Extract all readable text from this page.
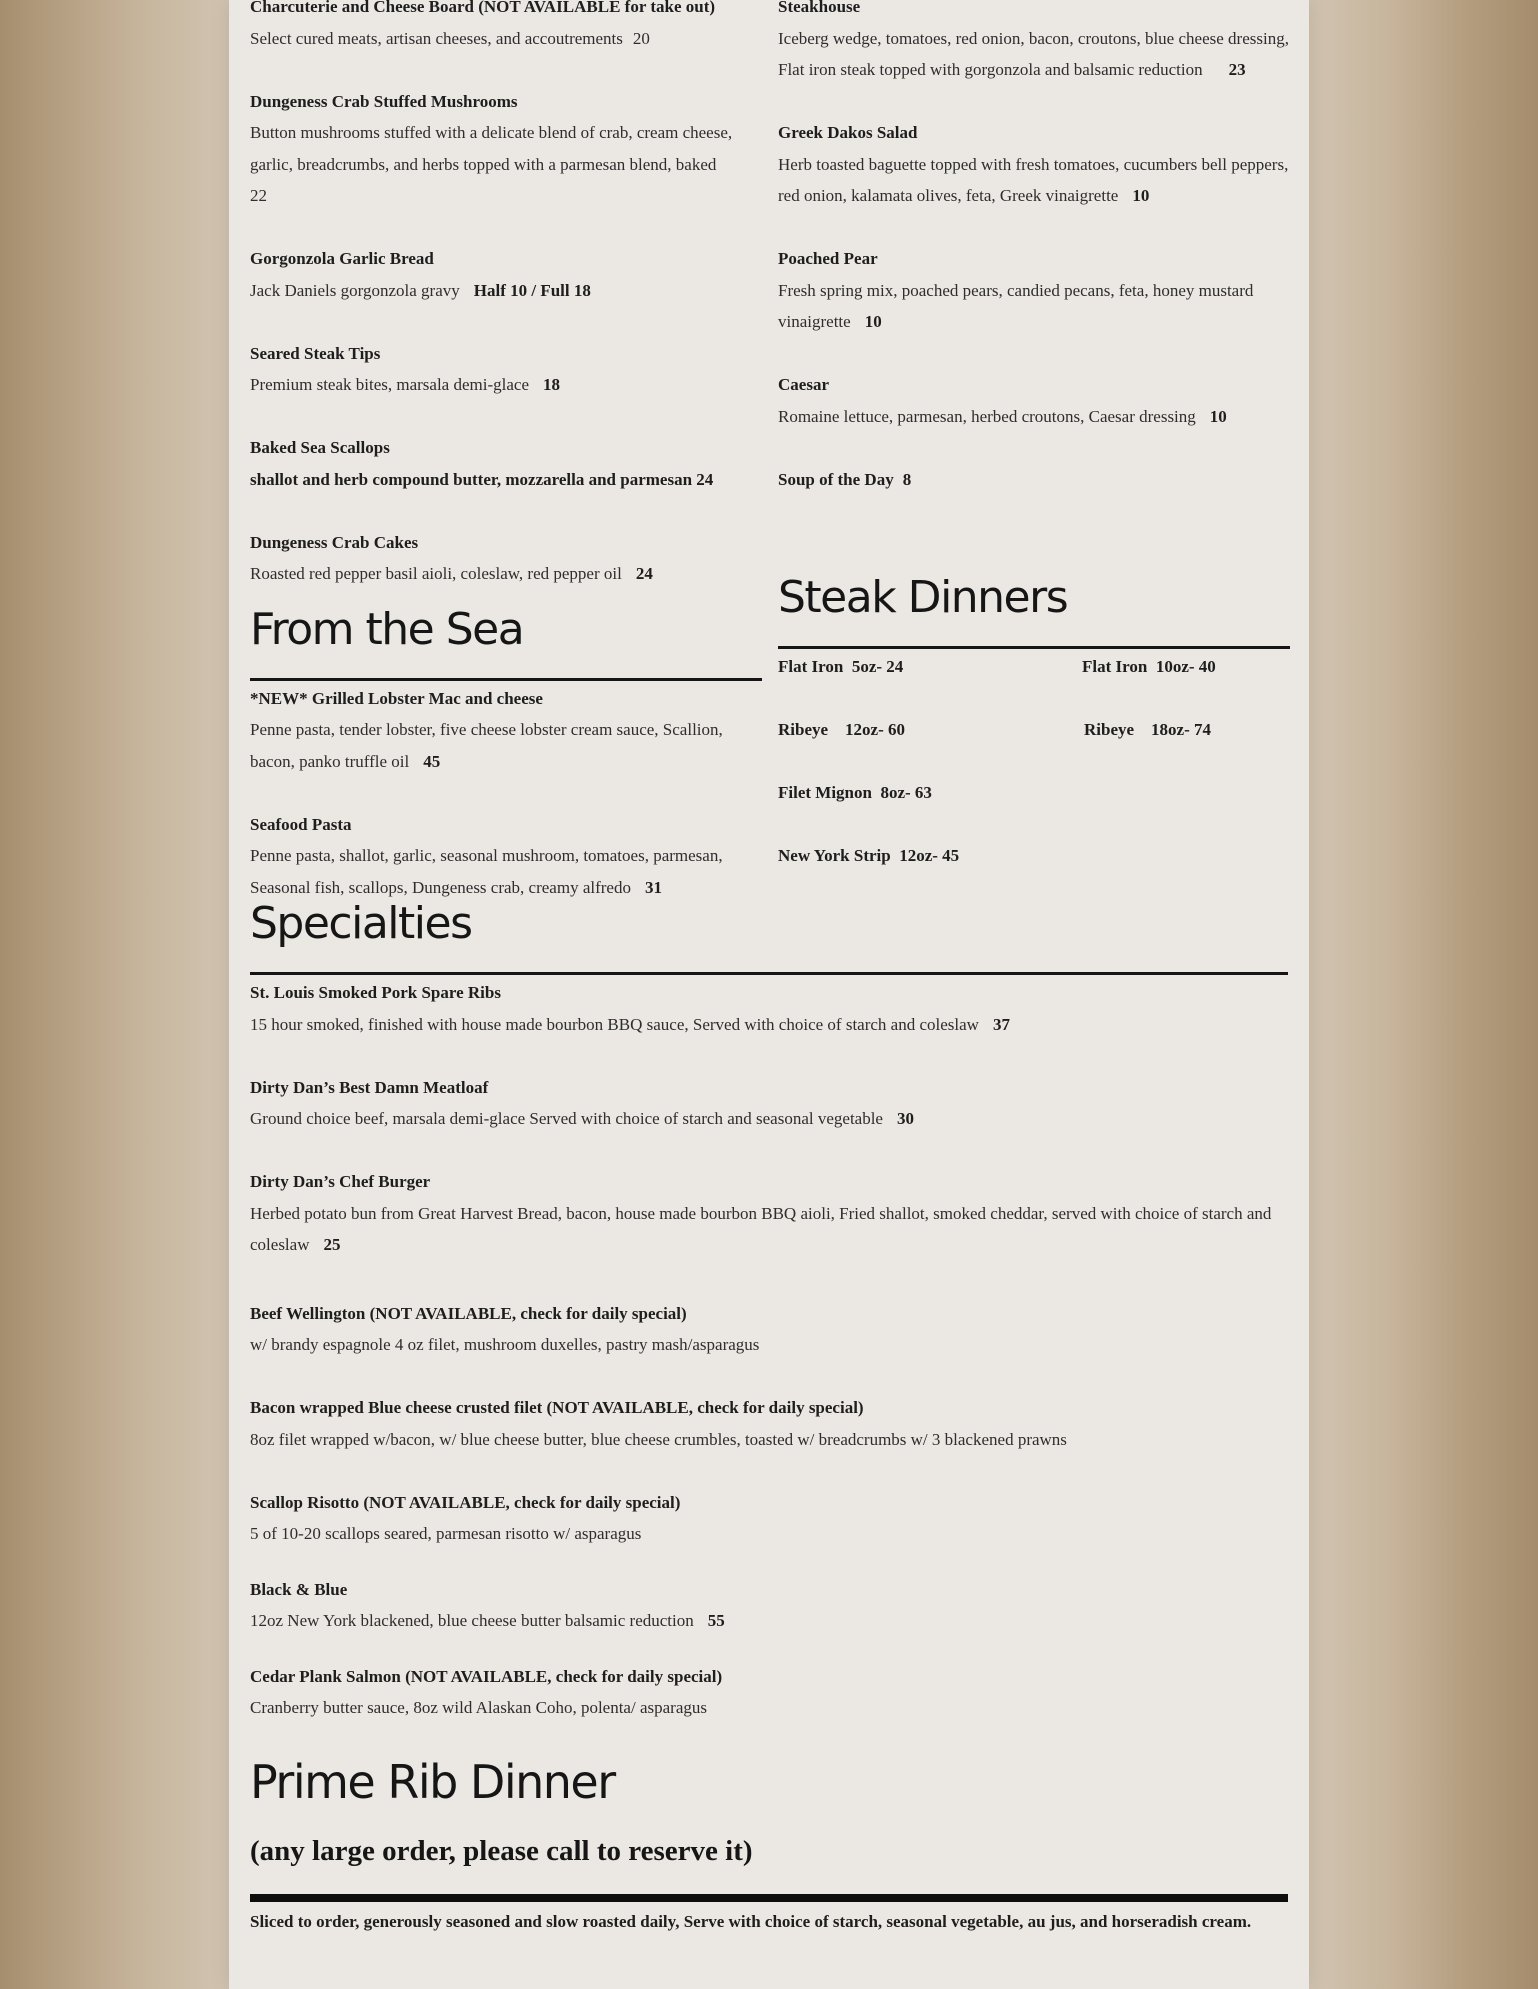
Charcuterie and Cheese Board (NOT AVAILABLE for take out)

Select cured meats, artisan cheeses, and accoutrements 20

Dungeness Crab Stuffed Mushrooms

Button mushrooms stuffed with a delicate blend of crab, cream cheese, garlic, breadcrumbs, and herbs topped with a parmesan blend, baked
22

Gorgonzola Garlic Bread

Jack Daniels gorgonzola gravy Half 10 / Full 18

Seared Steak Tips

Premium steak bites, marsala demi-glace 18

Baked Sea Scallops

shallot and herb compound butter, mozzarella and parmesan 24

Dungeness Crab Cakes

Roasted red pepper basil aioli, coleslaw, red pepper oil 24

From the Sea

*NEW* Grilled Lobster Mac and cheese

Penne pasta, tender lobster, five cheese lobster cream sauce, Scallion, bacon, panko truffle oil 45

Seafood Pasta

Penne pasta, shallot, garlic, seasonal mushroom, tomatoes, parmesan, Seasonal fish, scallops, Dungeness crab, creamy alfredo 31

Steakhouse

Iceberg wedge, tomatoes, red onion, bacon, croutons, blue cheese dressing, Flat iron steak topped with gorgonzola and balsamic reduction 23

Greek Dakos Salad

Herb toasted baguette topped with fresh tomatoes, cucumbers bell peppers, red onion, kalamata olives, feta, Greek vinaigrette 10

Poached Pear

Fresh spring mix, poached pears, candied pecans, feta, honey mustard vinaigrette 10

Caesar

Romaine lettuce, parmesan, herbed croutons, Caesar dressing 10

Soup of the Day 8

Steak Dinners
Flat Iron  5oz- 24	Flat Iron  10oz- 40
Ribeye    12oz- 60	Ribeye    18oz- 74
Filet Mignon  8oz- 63
New York Strip  12oz- 45
Specialties

St. Louis Smoked Pork Spare Ribs

15 hour smoked, finished with house made bourbon BBQ sauce, Served with choice of starch and coleslaw 37

Dirty Dan’s Best Damn Meatloaf

Ground choice beef, marsala demi-glace Served with choice of starch and seasonal vegetable 30

Dirty Dan’s Chef Burger

Herbed potato bun from Great Harvest Bread, bacon, house made bourbon BBQ aioli, Fried shallot, smoked cheddar, served with choice of starch and coleslaw 25

Beef Wellington (NOT AVAILABLE, check for daily special)

w/ brandy espagnole 4 oz filet, mushroom duxelles, pastry mash/asparagus

Bacon wrapped Blue cheese crusted filet (NOT AVAILABLE, check for daily special)

8oz filet wrapped w/bacon, w/ blue cheese butter, blue cheese crumbles, toasted w/ breadcrumbs w/ 3 blackened prawns

Scallop Risotto (NOT AVAILABLE, check for daily special)

5 of 10-20 scallops seared, parmesan risotto w/ asparagus

Black & Blue

12oz New York blackened, blue cheese butter balsamic reduction 55

Cedar Plank Salmon (NOT AVAILABLE, check for daily special)

Cranberry butter sauce, 8oz wild Alaskan Coho, polenta/ asparagus

Prime Rib Dinner

(any large order, please call to reserve it)

Sliced to order, generously seasoned and slow roasted daily, Serve with choice of starch, seasonal vegetable, au jus, and horseradish cream.
